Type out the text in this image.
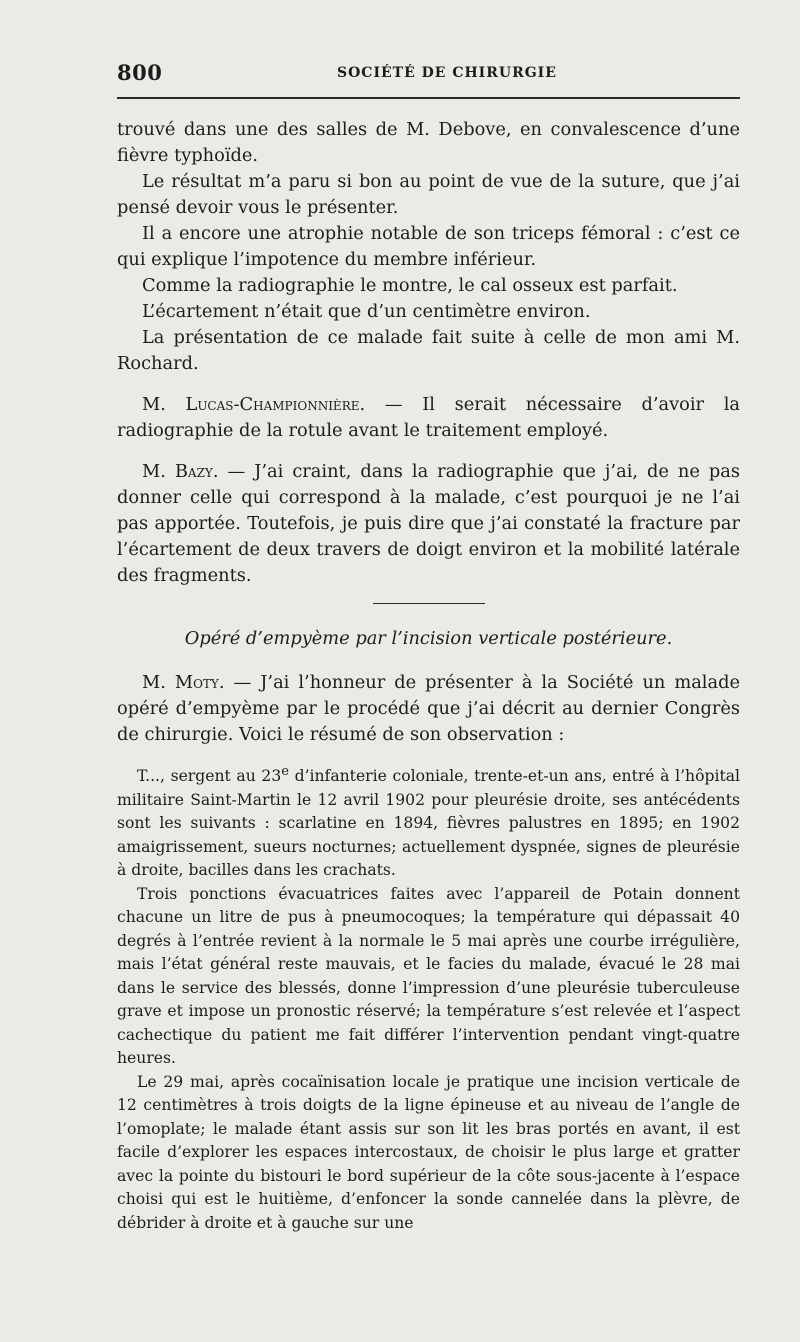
800	SOCIÉTÉ DE CHIRURGIE

trouvé dans une des salles de M. Debove, en convalescence d’une fièvre typhoïde.

Le résultat m’a paru si bon au point de vue de la suture, que j’ai pensé devoir vous le présenter.

Il a encore une atrophie notable de son triceps fémoral : c’est ce qui explique l’impotence du membre inférieur.

Comme la radiographie le montre, le cal osseux est parfait.

L’écartement n’était que d’un centimètre environ.

La présentation de ce malade fait suite à celle de mon ami M. Rochard.

M. Lucas-Championnière. — Il serait nécessaire d’avoir la radiographie de la rotule avant le traitement employé.

M. Bazy. — J’ai craint, dans la radiographie que j’ai, de ne pas donner celle qui correspond à la malade, c’est pourquoi je ne l’ai pas apportée. Toutefois, je puis dire que j’ai constaté la fracture par l’écartement de deux travers de doigt environ et la mobilité latérale des fragments.

Opéré d’empyème par l’incision verticale postérieure.

M. Moty. — J’ai l’honneur de présenter à la Société un malade opéré d’empyème par le procédé que j’ai décrit au dernier Congrès de chirurgie. Voici le résumé de son observation :

T..., sergent au 23e d’infanterie coloniale, trente-et-un ans, entré à l’hôpital militaire Saint-Martin le 12 avril 1902 pour pleurésie droite, ses antécédents sont les suivants : scarlatine en 1894, fièvres palustres en 1895; en 1902 amaigrissement, sueurs nocturnes; actuellement dyspnée, signes de pleurésie à droite, bacilles dans les crachats.

Trois ponctions évacuatrices faites avec l’appareil de Potain donnent chacune un litre de pus à pneumocoques; la température qui dépassait 40 degrés à l’entrée revient à la normale le 5 mai après une courbe irrégulière, mais l’état général reste mauvais, et le facies du malade, évacué le 28 mai dans le service des blessés, donne l’impression d’une pleurésie tuberculeuse grave et impose un pronostic réservé; la température s’est relevée et l’aspect cachectique du patient me fait différer l’intervention pendant vingt-quatre heures.

Le 29 mai, après cocaïnisation locale je pratique une incision verticale de 12 centimètres à trois doigts de la ligne épineuse et au niveau de l’angle de l’omoplate; le malade étant assis sur son lit les bras portés en avant, il est facile d’explorer les espaces intercostaux, de choisir le plus large et gratter avec la pointe du bistouri le bord supérieur de la côte sous-jacente à l’espace choisi qui est le huitième, d’enfoncer la sonde cannelée dans la plèvre, de débrider à droite et à gauche sur une
